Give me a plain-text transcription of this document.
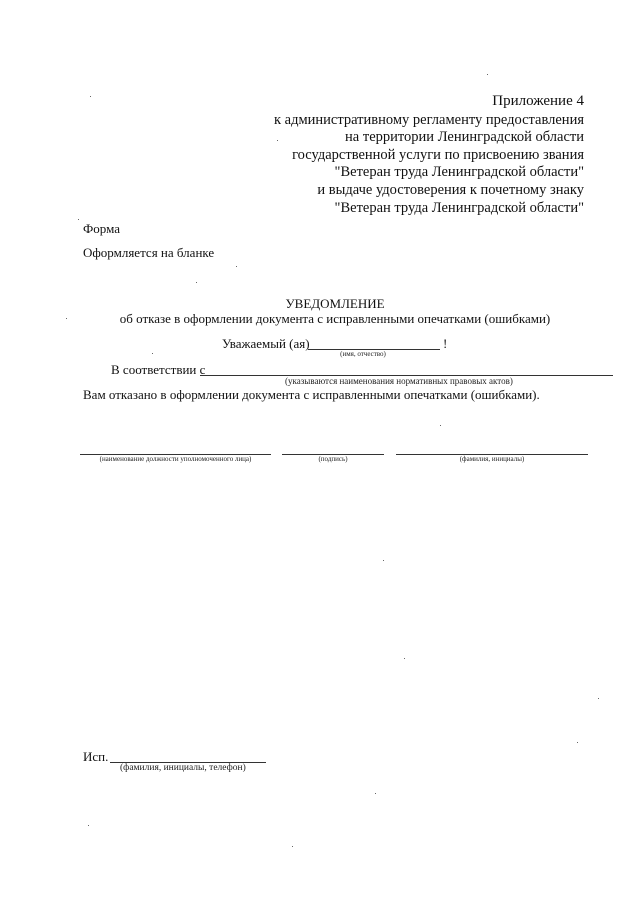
Приложение 4
к административному регламенту предоставления
на территории Ленинградской области
государственной услуги по присвоению звания
"Ветеран труда Ленинградской области"
и выдаче удостоверения к почетному знаку
"Ветеран труда Ленинградской области"
Форма
Оформляется на бланке
УВЕДОМЛЕНИЕ
об отказе в оформлении документа с исправленными опечатками (ошибками)
Уважаемый (ая)	!
(имя, отчество)
В соответствии с
(указываются наименования нормативных правовых актов)
Вам отказано в оформлении документа с исправленными опечатками (ошибками).
(наименование должности уполномоченного лица)	(подпись)	(фамилия, инициалы)
Исп.
(фамилия, инициалы, телефон)
